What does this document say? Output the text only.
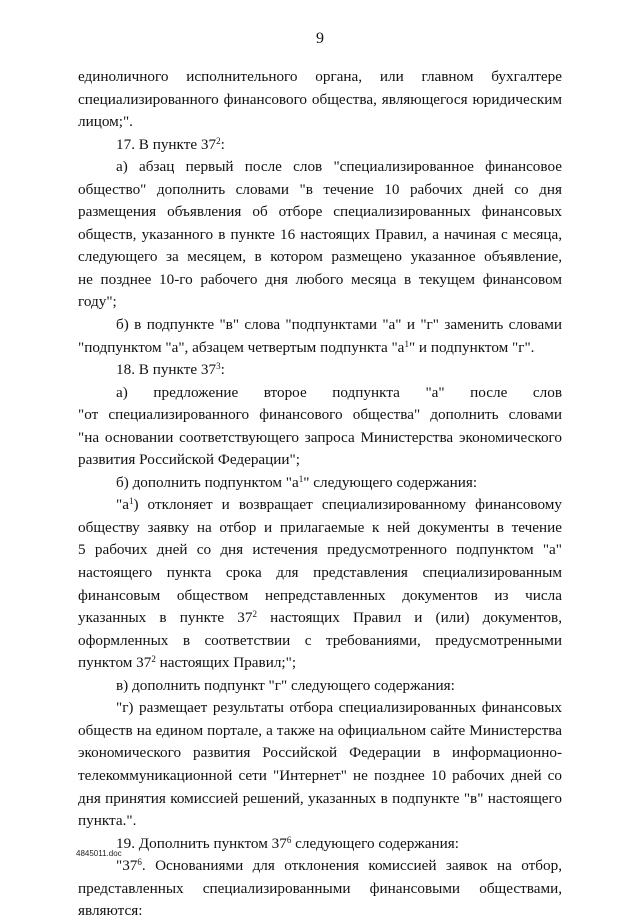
9

единоличного исполнительного органа, или главном бухгалтере

специализированного финансового общества, являющегося юридическим

лицом;".

17. В пункте $37^2$:

а) абзац первый после слов "специализированное финансовое

общество" дополнить словами "в течение 10 рабочих дней со дня

размещения объявления об отборе специализированных финансовых

обществ, указанного в пункте 16 настоящих Правил, а начиная с месяца,

следующего за месяцем, в котором размещено указанное объявление,

не позднее 10-го рабочего дня любого месяца в текущем финансовом

году";

б) в подпункте "в" слова "подпунктами "а" и "г" заменить словами

"подпунктом "а", абзацем четвертым подпункта "$а^1$" и подпунктом "г".

18. В пункте $37^3$:

а) предложение второе подпункта "а" после слов

"от специализированного финансового общества" дополнить словами

"на основании соответствующего запроса Министерства экономического

развития Российской Федерации";

б) дополнить подпунктом "$а^1$" следующего содержания:

"$а^1$) отклоняет и возвращает специализированному финансовому

обществу заявку на отбор и прилагаемые к ней документы в течение

5 рабочих дней со дня истечения предусмотренного подпунктом "а"

настоящего пункта срока для представления специализированным

финансовым обществом непредставленных документов из числа

указанных в пункте $37^2$ настоящих Правил и (или) документов,

оформленных в соответствии с требованиями, предусмотренными

пунктом $37^2$ настоящих Правил;";

в) дополнить подпункт "г" следующего содержания:

"г) размещает результаты отбора специализированных финансовых

обществ на едином портале, а также на официальном сайте Министерства

экономического развития Российской Федерации в информационно-

телекоммуникационной сети "Интернет" не позднее 10 рабочих дней со

дня принятия комиссией решений, указанных в подпункте "в" настоящего

пункта.".

19. Дополнить пунктом $37^6$ следующего содержания:

"$37^6$. Основаниями для отклонения комиссией заявок на отбор,

представленных специализированными финансовыми обществами,

являются:

4845011.doc
